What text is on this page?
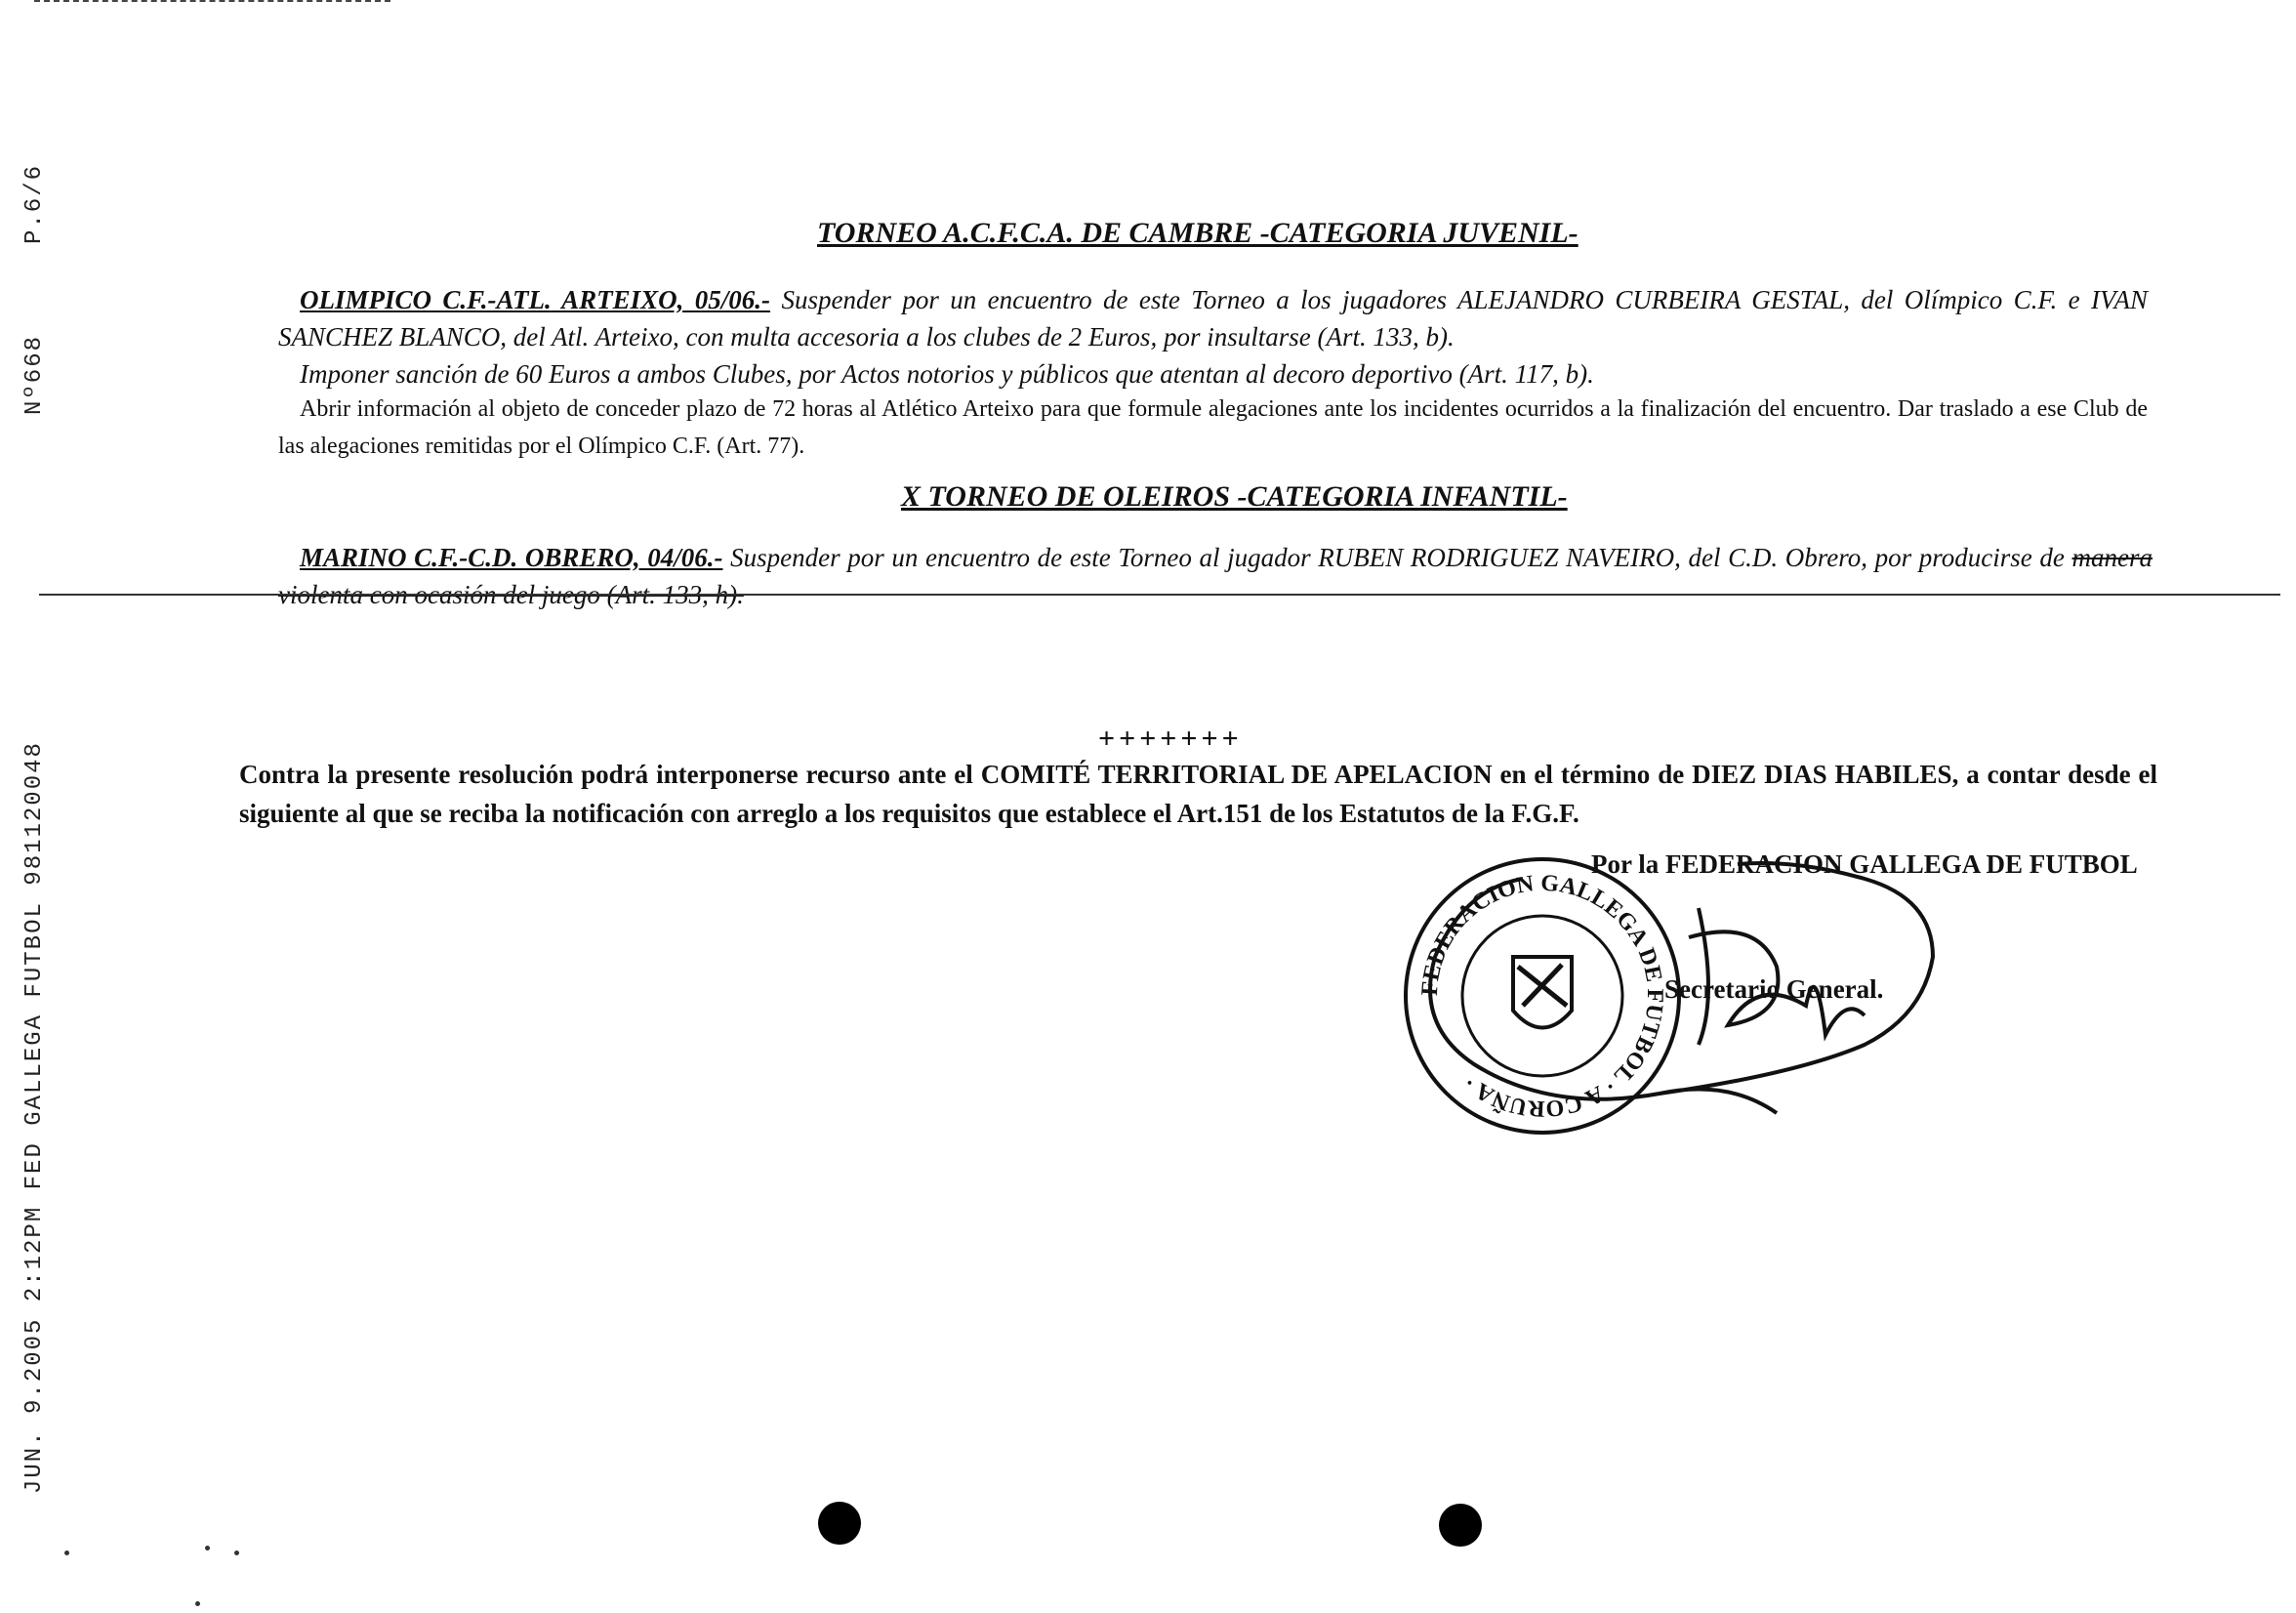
P.6/6
Nº668
JUN. 9.2005 2:12PM FED GALLEGA FUTBOL 981120048
TORNEO A.C.F.C.A. DE CAMBRE -CATEGORIA JUVENIL-
OLIMPICO C.F.-ATL. ARTEIXO, 05/06.- Suspender por un encuentro de este Torneo a los jugadores ALEJANDRO CURBEIRA GESTAL, del Olímpico C.F. e IVAN SANCHEZ BLANCO, del Atl. Arteixo, con multa accesoria a los clubes de 2 Euros, por insultarse (Art. 133, b).
Imponer sanción de 60 Euros a ambos Clubes, por Actos notorios y públicos que atentan al decoro deportivo (Art. 117, b).
Abrir información al objeto de conceder plazo de 72 horas al Atlético Arteixo para que formule alegaciones ante los incidentes ocurridos a la finalización del encuentro. Dar traslado a ese Club de las alegaciones remitidas por el Olímpico C.F. (Art. 77).
X TORNEO DE OLEIROS -CATEGORIA INFANTIL-
MARINO C.F.-C.D. OBRERO, 04/06.- Suspender por un encuentro de este Torneo al jugador RUBEN RODRIGUEZ NAVEIRO, del C.D. Obrero, por producirse de manera violenta con ocasión del juego (Art. 133, h).
+++++++
Contra la presente resolución podrá interponerse recurso ante el COMITÉ TERRITORIAL DE APELACION en el término de DIEZ DIAS HABILES, a contar desde el siguiente al que se reciba la notificación con arreglo a los requisitos que establece el Art.151 de los Estatutos de la F.G.F.
FEDERACION GALLEGA DE FUTBOL · A CORUÑA ·
Por la FEDERACION GALLEGA DE FUTBOL
Secretario General.
